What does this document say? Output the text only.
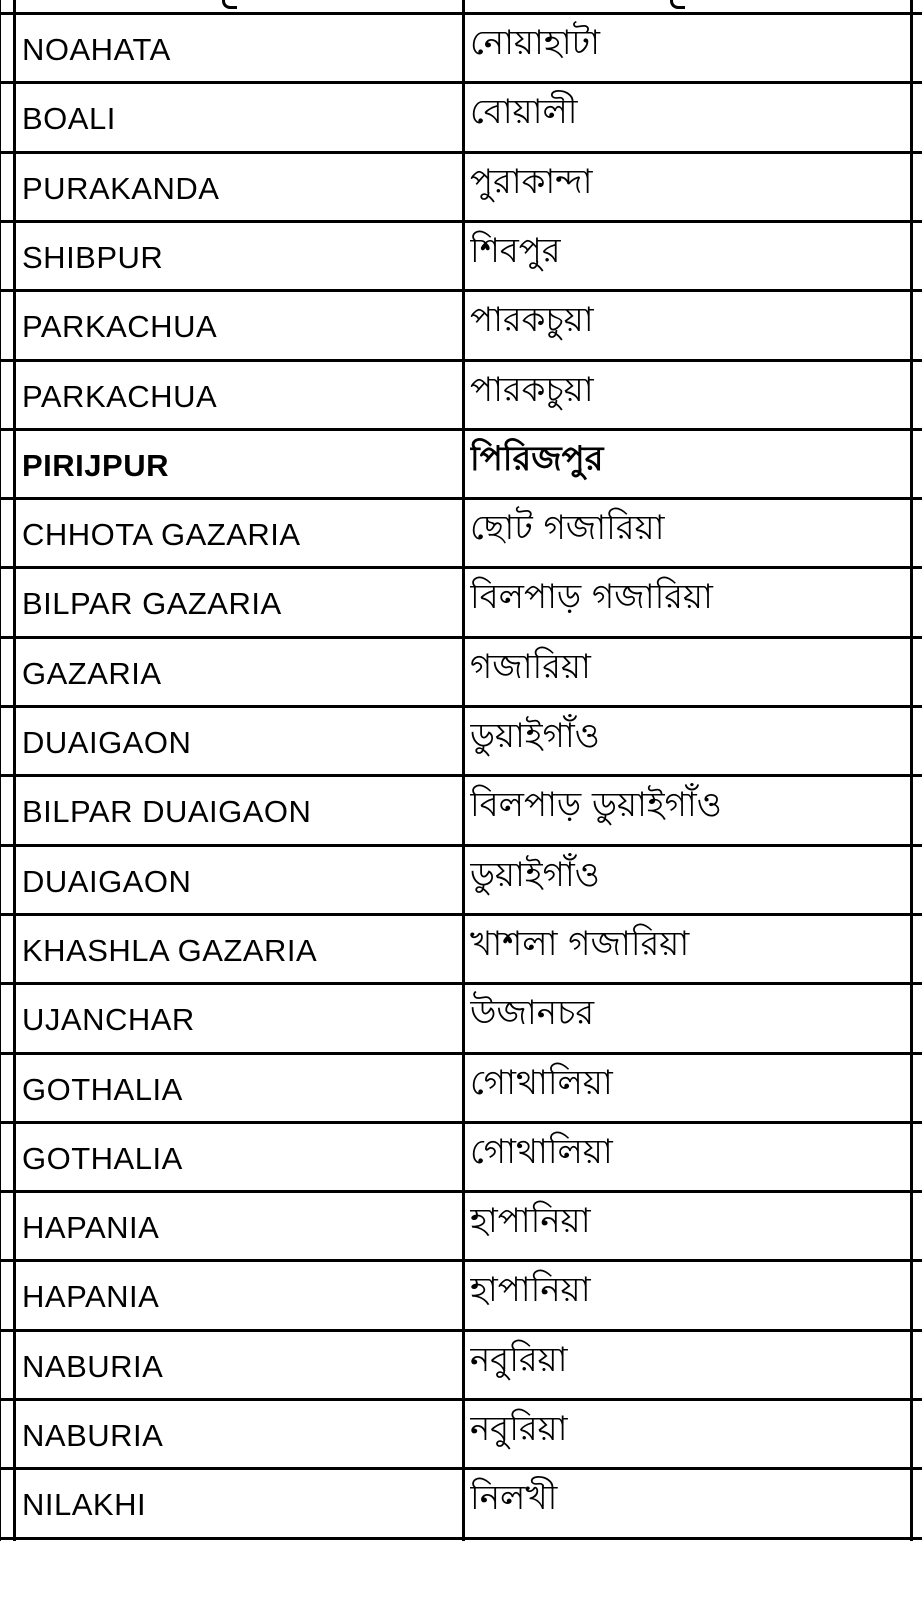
NOAHATA	নোয়াহাটা
BOALI	বোয়ালী
PURAKANDA	পুরাকান্দা
SHIBPUR	শিবপুর
PARKACHUA	পারকচুয়া
PARKACHUA	পারকচুয়া
PIRIJPUR	পিরিজপুর
CHHOTA GAZARIA	ছোট গজারিয়া
BILPAR GAZARIA	বিলপাড় গজারিয়া
GAZARIA	গজারিয়া
DUAIGAON	ডুয়াইগাঁও
BILPAR DUAIGAON	বিলপাড় ডুয়াইগাঁও
DUAIGAON	ডুয়াইগাঁও
KHASHLA GAZARIA	খাশলা গজারিয়া
UJANCHAR	উজানচর
GOTHALIA	গোথালিয়া
GOTHALIA	গোথালিয়া
HAPANIA	হাপানিয়া
HAPANIA	হাপানিয়া
NABURIA	নবুরিয়া
NABURIA	নবুরিয়া
NILAKHI	নিলখী
